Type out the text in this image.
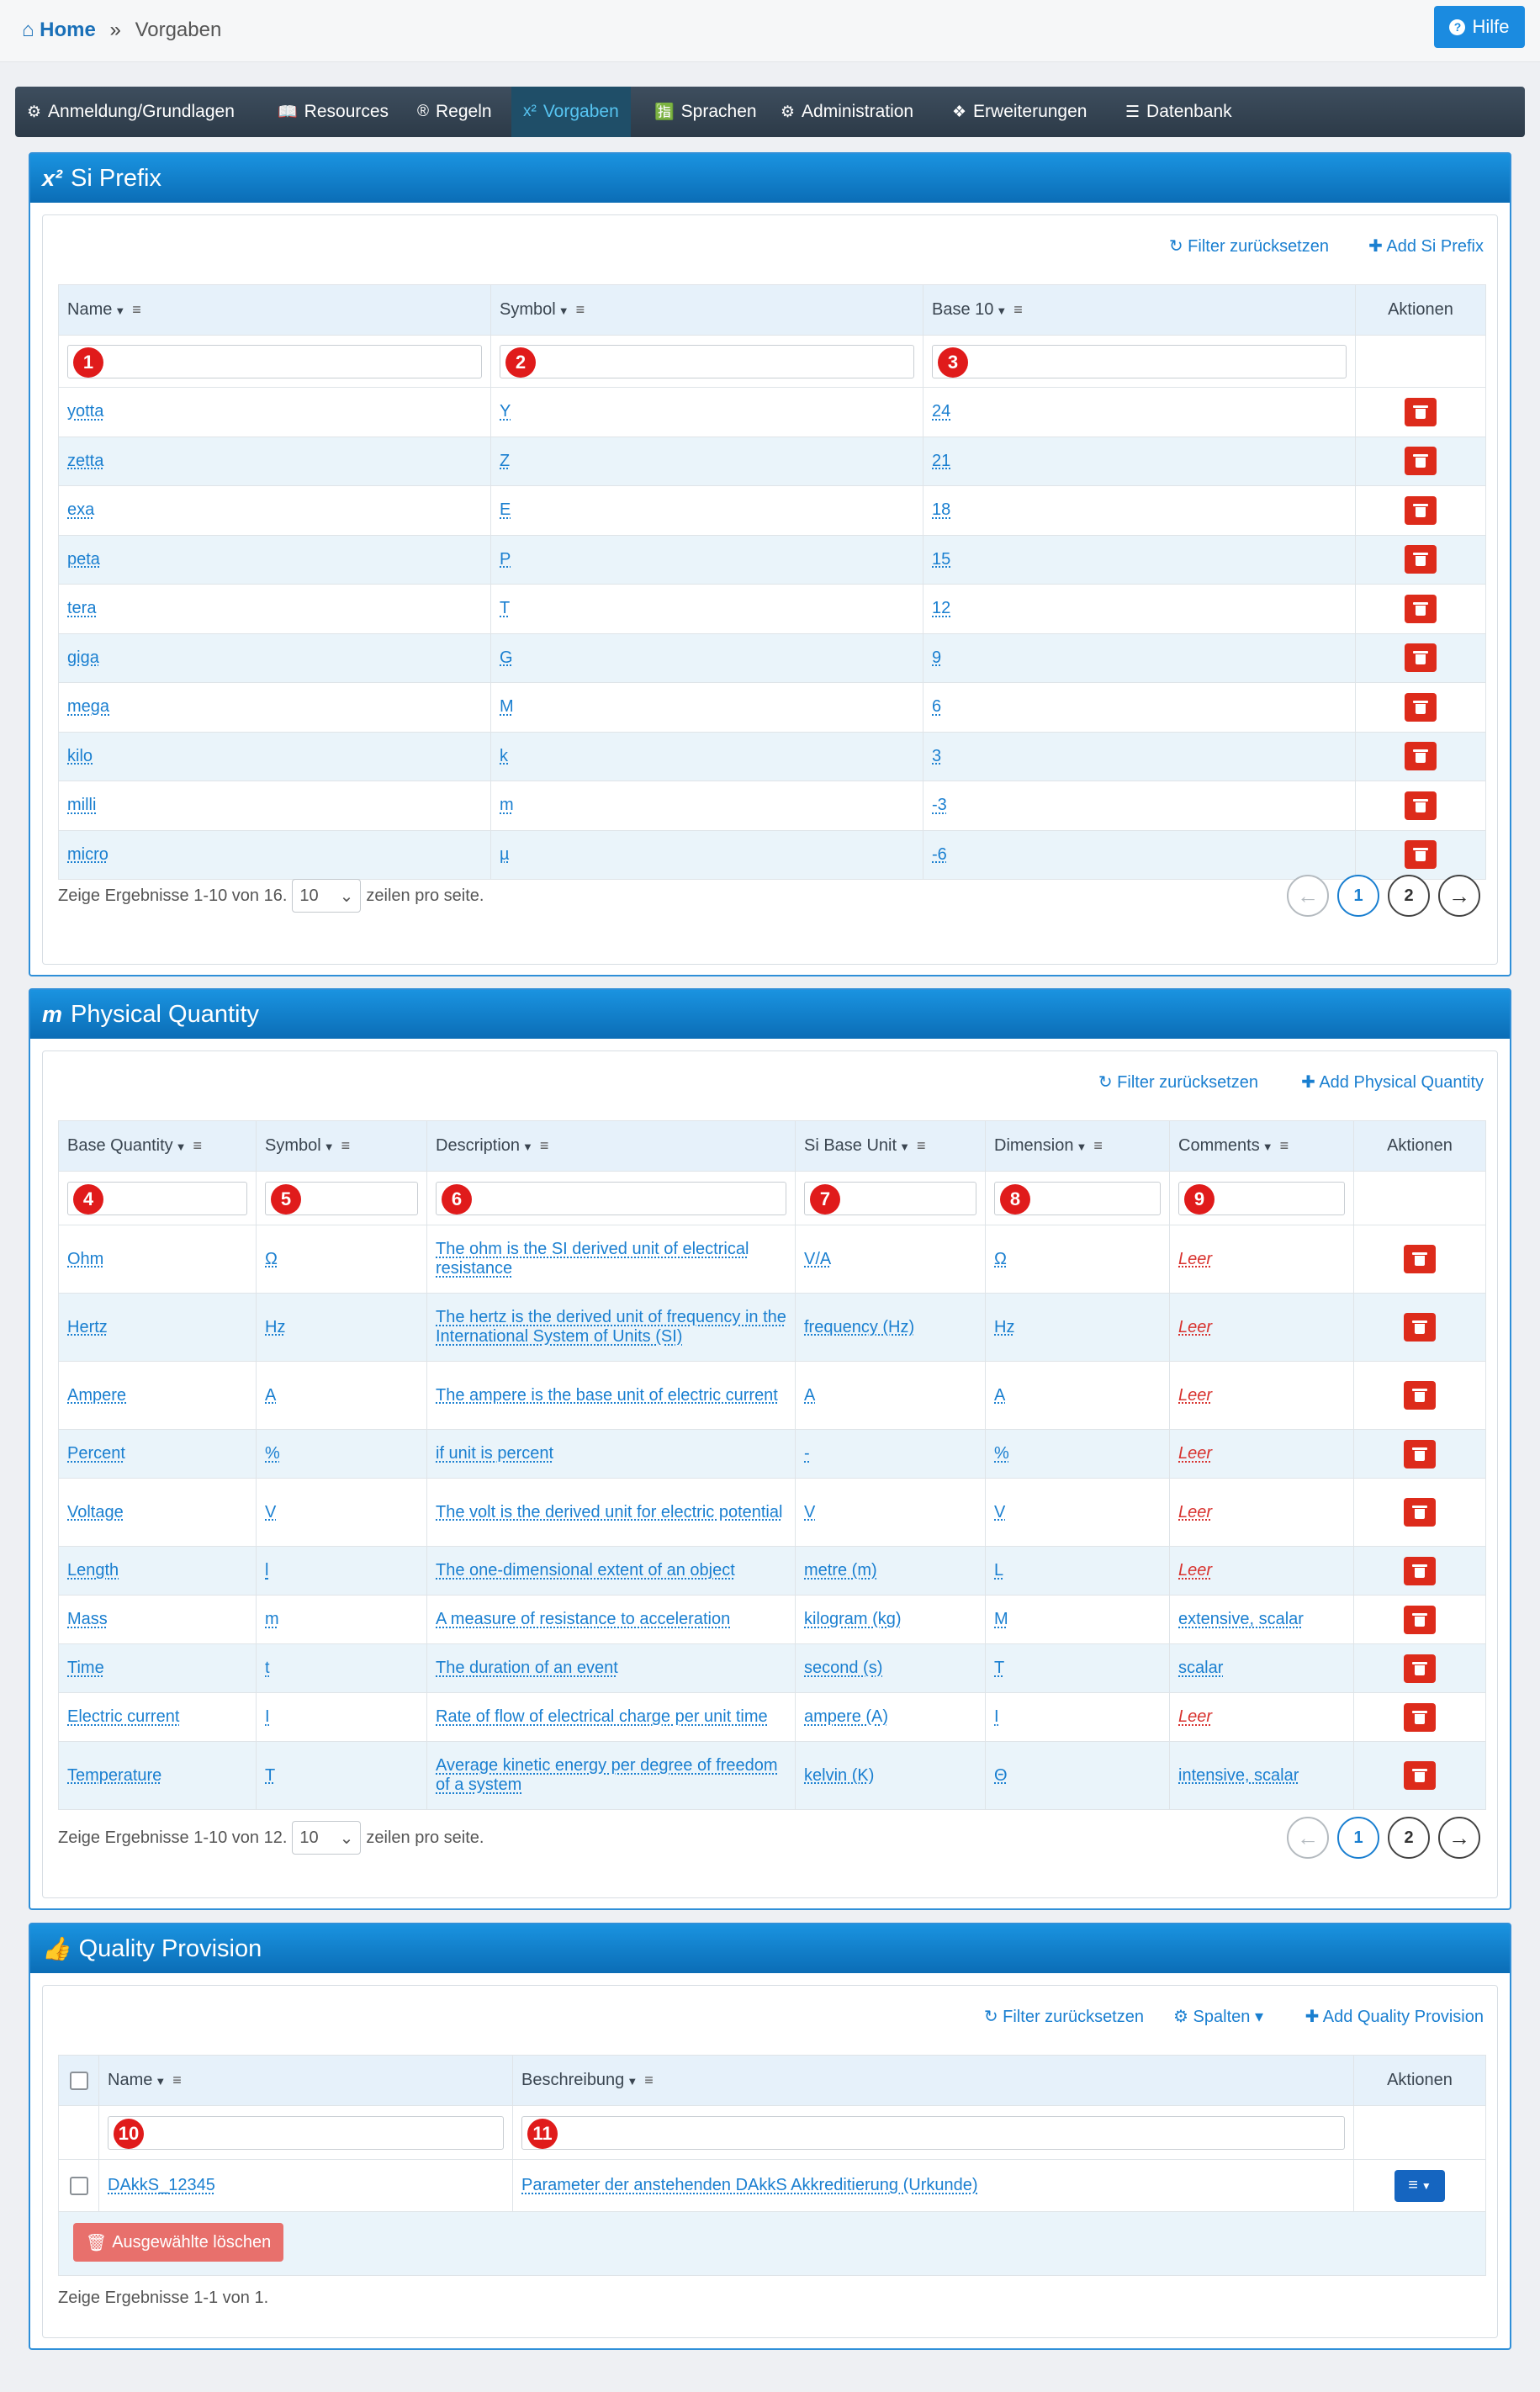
⌂ Home » Vorgaben	? Hilfe
⚙ Anmeldung/Grundlagen	📖 Resources ® Regeln x² Vorgaben 🈯 Sprachen ⚙ Administration ❖ Erweiterungen ☰ Datenbank
x² Si Prefix
↻ Filter zurücksetzen ✚ Add Si Prefix
Name ▼ ≡	Symbol ▼ ≡	Base 10 ▼ ≡	Aktionen

1	2	3	

yotta	Y	24	

zetta	Z	21	

exa	E	18	

peta	P	15	

tera	T	12	

giga	G	9	

mega	M	6	

kilo	k	3	

milli	m	-3	

micro	µ	-6	
Zeige Ergebnisse 1-10 von 16. 10 ⌄ zeilen pro seite.	←	1	2	→
m Physical Quantity
↻ Filter zurücksetzen	✚ Add Physical Quantity
Base Quantity ▼ ≡	Symbol ▼ ≡	Description ▼ ≡	Si Base Unit ▼ ≡	Dimension ▼ ≡	Comments ▼ ≡	Aktionen

4	5	6	7	8	9	

Ohm	Ω	The ohm is the SI derived unit of electrical resistance	V/A	Ω	Leer	

Hertz	Hz	The hertz is the derived unit of frequency in the International System of Units (SI)	frequency (Hz)	Hz	Leer	

Ampere	A	The ampere is the base unit of electric current	A	A	Leer	

Percent	%	if unit is percent	-	%	Leer	

Voltage	V	The volt is the derived unit for electric potential	V	V	Leer	

Length	l	The one-dimensional extent of an object	metre (m)	L	Leer	

Mass	m	A measure of resistance to acceleration	kilogram (kg)	M	extensive, scalar	

Time	t	The duration of an event	second (s)	T	scalar	

Electric current	I	Rate of flow of electrical charge per unit time	ampere (A)	I	Leer	

Temperature	T	Average kinetic energy per degree of freedom of a system	kelvin (K)	Θ	intensive, scalar	
Zeige Ergebnisse 1-10 von 12. 10 ⌄ zeilen pro seite.	←	1	2	→
👍 Quality Provision
↻ Filter zurücksetzen ⚙ Spalten ▾ ✚ Add Quality Provision
	Name ▼ ≡	Beschreibung ▼ ≡	Aktionen

10	11	

	DAkkS_12345	Parameter der anstehenden DAkkS Akkreditierung (Urkunde)	≡ ▼

🗑 Ausgewählte löschen
Zeige Ergebnisse 1-1 von 1.
